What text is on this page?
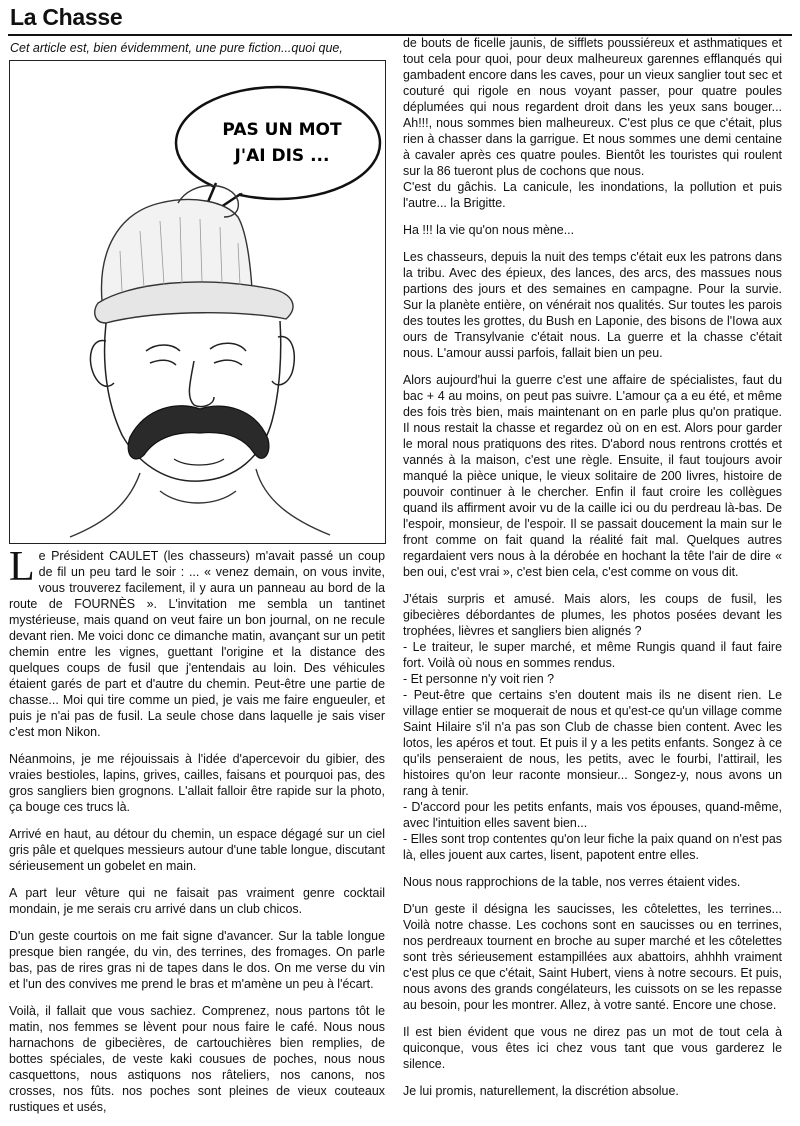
La Chasse
Cet article est, bien évidemment, une pure fiction...quoi que,
PAS UN MOT
J'AI DIS ...

Le Président CAULET (les chasseurs) m'avait passé un coup de fil un peu tard le soir : ... « venez demain, on vous invite, vous trouverez facilement, il y aura un panneau au bord de la route de FOURNÈS ». L'invitation me sembla un tantinet mystérieuse, mais quand on veut faire un bon journal, on ne recule devant rien. Me voici donc ce dimanche matin, avançant sur un petit chemin entre les vignes, guettant l'origine et la distance des quelques coups de fusil que j'entendais au loin. Des véhicules étaient garés de part et d'autre du chemin. Peut-être une partie de chasse... Moi qui tire comme un pied, je vais me faire engueuler, et puis je n'ai pas de fusil. La seule chose dans laquelle je sais viser c'est mon Nikon.

Néanmoins, je me réjouissais à l'idée d'apercevoir du gibier, des vraies bestioles, lapins, grives, cailles, faisans et pourquoi pas, des gros sangliers bien grognons. L'allait falloir être rapide sur la photo, ça bouge ces trucs là.

Arrivé en haut, au détour du chemin, un espace dégagé sur un ciel gris pâle et quelques messieurs autour d'une table longue, discutant sérieusement un gobelet en main.

A part leur vêture qui ne faisait pas vraiment genre cocktail mondain, je me serais cru arrivé dans un club chicos.

D'un geste courtois on me fait signe d'avancer. Sur la table longue presque bien rangée, du vin, des terrines, des fromages. On parle bas, pas de rires gras ni de tapes dans le dos. On me verse du vin et l'un des convives me prend le bras et m'amène un peu à l'écart.

Voilà, il fallait que vous sachiez. Comprenez, nous partons tôt le matin, nos femmes se lèvent pour nous faire le café. Nous nous harnachons de gibecières, de cartouchières bien remplies, de bottes spéciales, de veste kaki cousues de poches, nous nous casquettons, nous astiquons nos râteliers, nos canons, nos crosses, nos fûts. nos poches sont pleines de vieux couteaux rustiques et usés,

de bouts de ficelle jaunis, de sifflets poussiéreux et asthmatiques et tout cela pour quoi, pour deux malheureux garennes efflanqués qui gambadent encore dans les caves, pour un vieux sanglier tout sec et couturé qui rigole en nous voyant passer, pour quatre poules déplumées qui nous regardent droit dans les yeux sans bouger... Ah!!!, nous sommes bien malheureux. C'est plus ce que c'était, plus rien à chasser dans la garrigue. Et nous sommes une demi centaine à cavaler après ces quatre poules. Bientôt les touristes qui roulent sur la 86 tueront plus de cochons que nous.

C'est du gâchis. La canicule, les inondations, la pollution et puis l'autre... la Brigitte.

Ha !!! la vie qu'on nous mène...

Les chasseurs, depuis la nuit des temps c'était eux les patrons dans la tribu. Avec des épieux, des lances, des arcs, des massues nous partions des jours et des semaines en campagne. Pour la survie. Sur la planète entière, on vénérait nos qualités. Sur toutes les parois des toutes les grottes, du Bush en Laponie, des bisons de l'Iowa aux ours de Transylvanie c'était nous. La guerre et la chasse c'était nous. L'amour aussi parfois, fallait bien un peu.

Alors aujourd'hui la guerre c'est une affaire de spécialistes, faut du bac + 4 au moins, on peut pas suivre. L'amour ça a eu été, et même des fois très bien, mais maintenant on en parle plus qu'on pratique. Il nous restait la chasse et regardez où on en est. Alors pour garder le moral nous pratiquons des rites. D'abord nous rentrons crottés et vannés à la maison, c'est une règle. Ensuite, il faut toujours avoir manqué la pièce unique, le vieux solitaire de 200 livres, histoire de pouvoir continuer à le chercher. Enfin il faut croire les collègues quand ils affirment avoir vu de la caille ici ou du perdreau là-bas. De l'espoir, monsieur, de l'espoir. Il se passait doucement la main sur le front comme on fait quand la réalité fait mal. Quelques autres regardaient vers nous à la dérobée en hochant la tête l'air de dire « ben oui, c'est vrai », c'est bien cela, c'est comme on vous dit.

J'étais surpris et amusé. Mais alors, les coups de fusil, les gibecières débordantes de plumes, les photos posées devant les trophées, lièvres et sangliers bien alignés ?

- Le traiteur, le super marché, et même Rungis quand il faut faire fort. Voilà où nous en sommes rendus.

- Et personne n'y voit rien ?

- Peut-être que certains s'en doutent mais ils ne disent rien. Le village entier se moquerait de nous et qu'est-ce qu'un village comme Saint Hilaire s'il n'a pas son Club de chasse bien content. Avec les lotos, les apéros et tout. Et puis il y a les petits enfants. Songez à ce qu'ils penseraient de nous, les petits, avec le fourbi, l'attirail, les histoires qu'on leur raconte monsieur... Songez-y, nous avons un rang à tenir.

- D'accord pour les petits enfants, mais vos épouses, quand-même, avec l'intuition elles savent bien...

- Elles sont trop contentes qu'on leur fiche la paix quand on n'est pas là, elles jouent aux cartes, lisent, papotent entre elles.

Nous nous rapprochions de la table, nos verres étaient vides.

D'un geste il désigna les saucisses, les côtelettes, les terrines... Voilà notre chasse. Les cochons sont en saucisses ou en terrines, nos perdreaux tournent en broche au super marché et les côtelettes sont très sérieusement estampillées aux abattoirs, ahhhh vraiment c'est plus ce que c'était, Saint Hubert, viens à notre secours. Et puis, nous avons des grands congélateurs, les cuissots on se les repasse au besoin, pour les montrer. Allez, à votre santé. Encore une chose.

Il est bien évident que vous ne direz pas un mot de tout cela à quiconque, vous êtes ici chez vous tant que vous garderez le silence.

Je lui promis, naturellement, la discrétion absolue.
